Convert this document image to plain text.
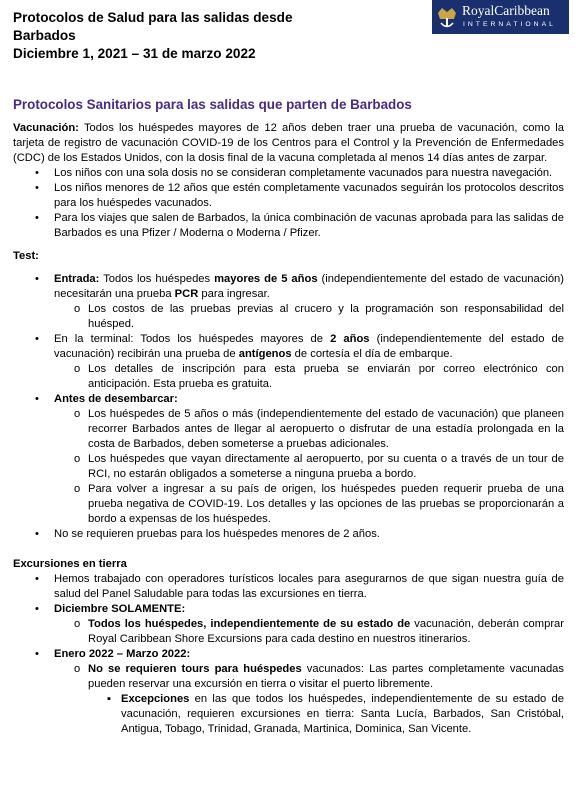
Protocolos de Salud para las salidas desde
Barbados
Diciembre 1, 2021 – 31 de marzo 2022
RoyalCaribbean
INTERNATIONAL
Protocolos Sanitarios para las salidas que parten de Barbados

Vacunación: Todos los huéspedes mayores de 12 años deben traer una prueba de vacunación, como la tarjeta de registro de vacunación COVID-19 de los Centros para el Control y la Prevención de Enfermedades (CDC) de los Estados Unidos, con la dosis final de la vacuna completada al menos 14 días antes de zarpar.

• Los niños con una sola dosis no se consideran completamente vacunados para nuestra navegación.
• Los niños menores de 12 años que estén completamente vacunados seguirán los protocolos descritos para los huéspedes vacunados.
• Para los viajes que salen de Barbados, la única combinación de vacunas aprobada para las salidas de Barbados es una Pfizer / Moderna o Moderna / Pfizer.

Test:

• Entrada: Todos los huéspedes mayores de 5 años (independientemente del estado de vacunación) necesitarán una prueba PCR para ingresar.
o Los costos de las pruebas previas al crucero y la programación son responsabilidad del huésped.
• En la terminal: Todos los huéspedes mayores de 2 años (independientemente del estado de vacunación) recibirán una prueba de antígenos de cortesía el día de embarque.
o Los detalles de inscripción para esta prueba se enviarán por correo electrónico con anticipación. Esta prueba es gratuita.
• Antes de desembarcar:
o Los huéspedes de 5 años o más (independientemente del estado de vacunación) que planeen recorrer Barbados antes de llegar al aeropuerto o disfrutar de una estadía prolongada en la costa de Barbados, deben someterse a pruebas adicionales.
o Los huéspedes que vayan directamente al aeropuerto, por su cuenta o a través de un tour de RCI, no estarán obligados a someterse a ninguna prueba a bordo.
o Para volver a ingresar a su país de origen, los huéspedes pueden requerir prueba de una prueba negativa de COVID-19. Los detalles y las opciones de las pruebas se proporcionarán a bordo a expensas de los huéspedes.
• No se requieren pruebas para los huéspedes menores de 2 años.

Excursiones en tierra

• Hemos trabajado con operadores turísticos locales para asegurarnos de que sigan nuestra guía de salud del Panel Saludable para todas las excursiones en tierra.
• Diciembre SOLAMENTE:
o Todos los huéspedes, independientemente de su estado de vacunación, deberán comprar Royal Caribbean Shore Excursions para cada destino en nuestros itinerarios.
• Enero 2022 – Marzo 2022:
o No se requieren tours para huéspedes vacunados: Las partes completamente vacunadas pueden reservar una excursión en tierra o visitar el puerto libremente.
▪ Excepciones en las que todos los huéspedes, independientemente de su estado de vacunación, requieren excursiones en tierra: Santa Lucía, Barbados, San Cristóbal, Antigua, Tobago, Trinidad, Granada, Martinica, Dominica, San Vicente.
